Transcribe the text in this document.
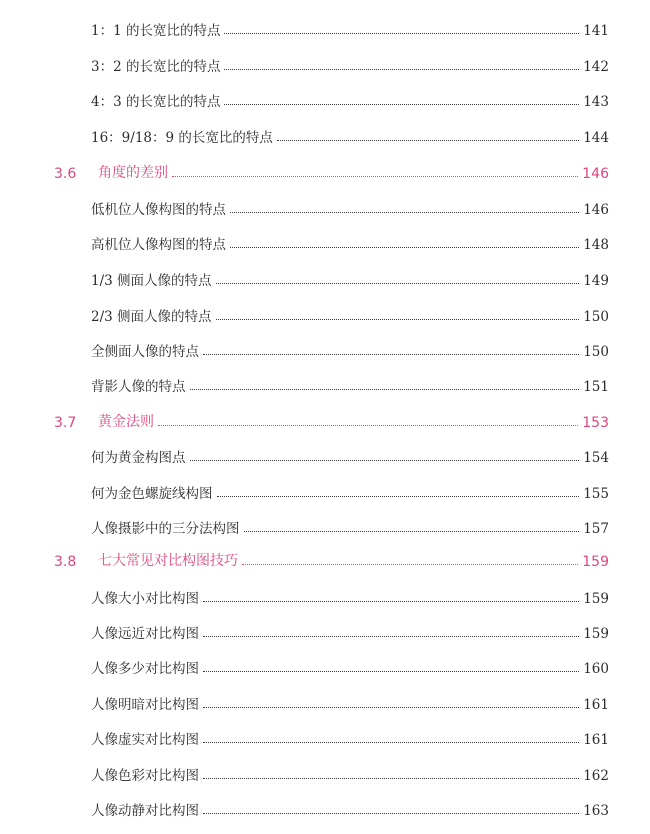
1：1 的长宽比的特点	141
3：2 的长宽比的特点	142
4：3 的长宽比的特点	143
16：9/18：9 的长宽比的特点	144
3.6	角度的差别	146
低机位人像构图的特点	146
高机位人像构图的特点	148
1/3 侧面人像的特点	149
2/3 侧面人像的特点	150
全侧面人像的特点	150
背影人像的特点	151
3.7	黄金法则	153
何为黄金构图点	154
何为金色螺旋线构图	155
人像摄影中的三分法构图	157
3.8	七大常见对比构图技巧	159
人像大小对比构图	159
人像远近对比构图	159
人像多少对比构图	160
人像明暗对比构图	161
人像虚实对比构图	161
人像色彩对比构图	162
人像动静对比构图	163
